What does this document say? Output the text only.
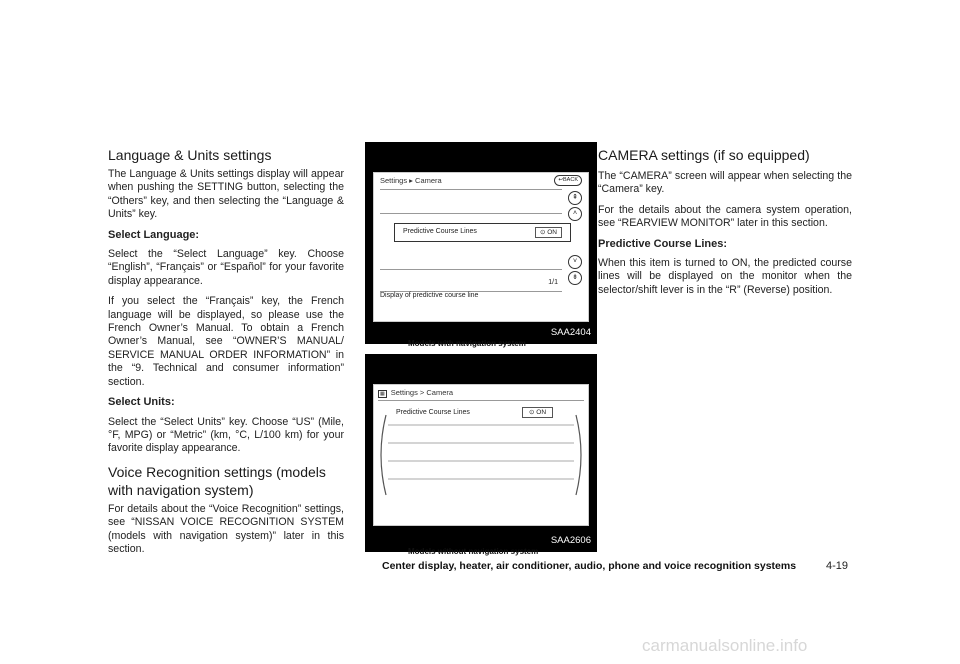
Language & Units settings

The Language & Units settings display will appear when pushing the SETTING button, selecting the “Others” key, and then selecting the “Language & Units” key.

Select Language:

Select the “Select Language” key. Choose “English”, “Français” or “Español” for your favorite display appearance.

If you select the “Français” key, the French language will be displayed, so please use the French Owner’s Manual. To obtain a French Owner’s Manual, see “OWNER’S MANUAL/ SERVICE MANUAL ORDER INFORMATION” in the “9. Technical and consumer information” section.

Select Units:

Select the “Select Units” key. Choose “US” (Mile, °F, MPG) or “Metric” (km, °C, L/100 km) for your favorite display appearance.

Voice Recognition settings (models with navigation system)

For details about the “Voice Recognition” settings, see “NISSAN VOICE RECOGNITION SYSTEM (models with navigation system)” later in this section.

Settings ▸ Camera	↩BACK
Predictive Course Lines	⊙ ON
⇞
˄
˅
⇟
1/1
Display of predictive course line
SAA2404
Models with navigation system
▦ Settings > Camera
Predictive Course Lines	⊙ ON
SAA2606
Models without navigation system
CAMERA settings (if so equipped)

The “CAMERA” screen will appear when selecting the “Camera” key.

For the details about the camera system operation, see “REARVIEW MONITOR” later in this section.

Predictive Course Lines:

When this item is turned to ON, the predicted course lines will be displayed on the monitor when the selector/shift lever is in the “R” (Reverse) position.

Center display, heater, air conditioner, audio, phone and voice recognition systems	4-19
carmanualsonline.info
